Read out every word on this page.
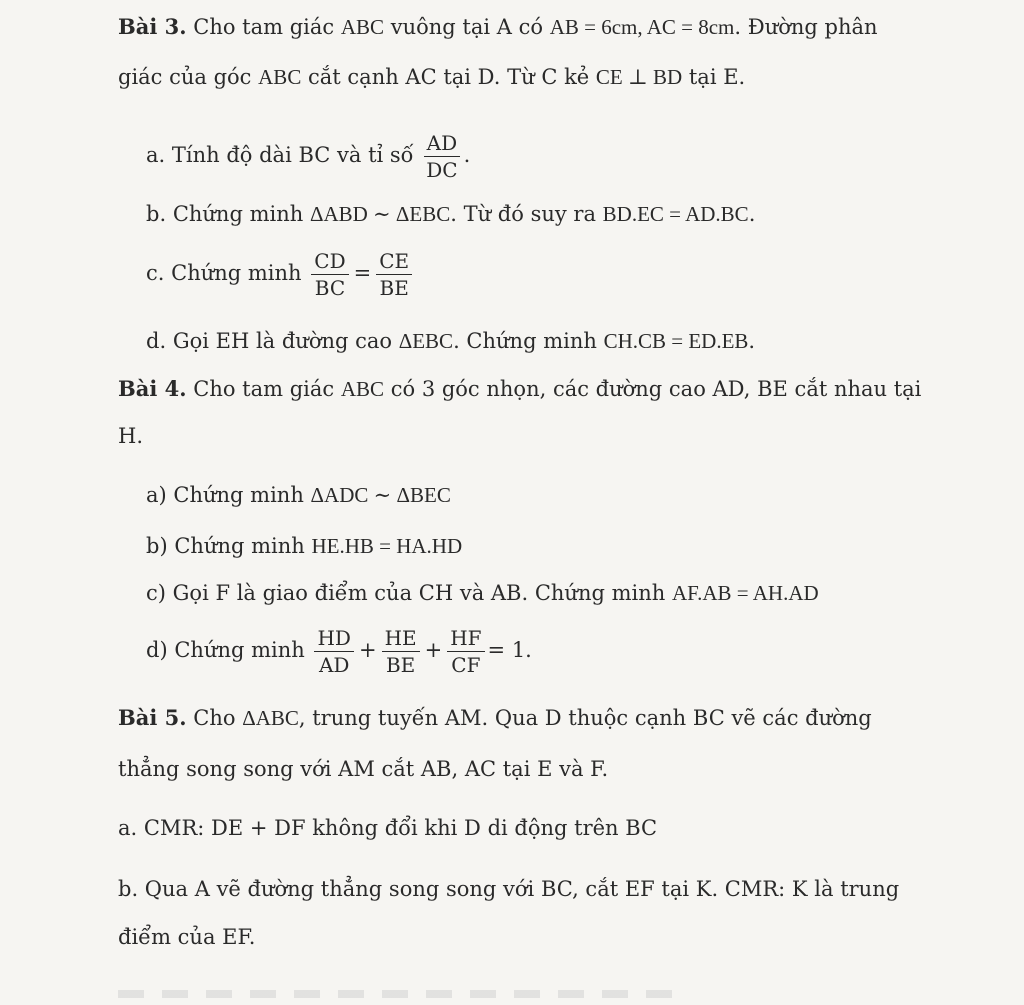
Bài 3. Cho tam giác ABC vuông tại A có AB = 6cm, AC = 8cm. Đường phân
giác của góc ABC cắt cạnh AC tại D. Từ C kẻ CE ⊥ BD tại E.
a. Tính độ dài BC và tỉ số $\frac{AD}{DC}$ .
b. Chứng minh ΔABD ∼ ΔEBC. Từ đó suy ra BD.EC = AD.BC.
c. Chứng minh $\frac{CD}{BC} = \frac{CE}{BE}$
d. Gọi EH là đường cao ΔEBC. Chứng minh CH.CB = ED.EB.
Bài 4. Cho tam giác ABC có 3 góc nhọn, các đường cao AD, BE cắt nhau tại
H.
a) Chứng minh ΔADC ∼ ΔBEC
b) Chứng minh HE.HB = HA.HD
c) Gọi F là giao điểm của CH và AB. Chứng minh AF.AB = AH.AD
d) Chứng minh $\frac{HD}{AD} + \frac{HE}{BE} + \frac{HF}{CF} = 1$.
Bài 5. Cho ΔABC, trung tuyến AM. Qua D thuộc cạnh BC vẽ các đường
thẳng song song với AM cắt AB, AC tại E và F.
a. CMR: DE + DF không đổi khi D di động trên BC
b. Qua A vẽ đường thẳng song song với BC, cắt EF tại K. CMR: K là trung
điểm của EF.
